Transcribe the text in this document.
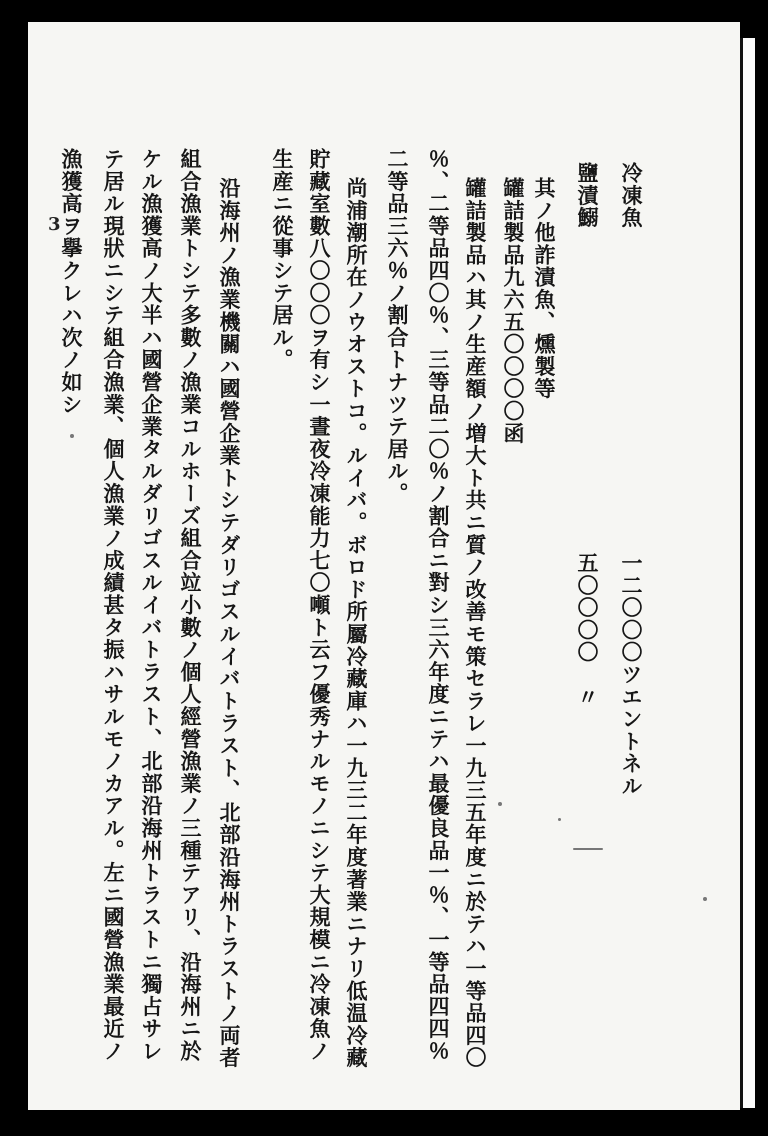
冷凍魚
一二〇〇〇ツエントネル
鹽漬鰯
五〇〇〇〇　〃
其ノ他詐漬魚、燻製等
罐詰製品九六五〇〇〇〇函
罐詰製品ハ其ノ生産額ノ増大ト共ニ質ノ改善モ策セラレ一九三五年度ニ於テハ一等品四〇
％、二等品四〇％、三等品二〇％ノ割合ニ對シ三六年度ニテハ最優良品一％、一等品四四％
二等品三六％ノ割合トナツテ居ル。
尚浦潮所在ノウオストコ。ルイバ。ボロド所屬冷藏庫ハ一九三二年度著業ニナリ低温冷藏
貯藏室數八〇〇〇ヲ有シ一晝夜冷凍能力七〇噸ト云フ優秀ナルモノニシテ大規模ニ冷凍魚ノ
生産ニ從事シテ居ル。
沿海州ノ漁業機關ハ國營企業トシテダリゴスルイバトラスト、北部沿海州トラストノ両者
組合漁業トシテ多數ノ漁業コルホーズ組合竝小數ノ個人經營漁業ノ三種テアリ、沿海州ニ於
ケル漁獲高ノ大半ハ國營企業タルダリゴスルイバトラスト、北部沿海州トラストニ獨占サレ
テ居ル現狀ニシテ組合漁業、個人漁業ノ成績甚タ振ハサルモノカアル。左ニ國營漁業最近ノ
漁獲高ヲ擧クレハ次ノ如シ
3
